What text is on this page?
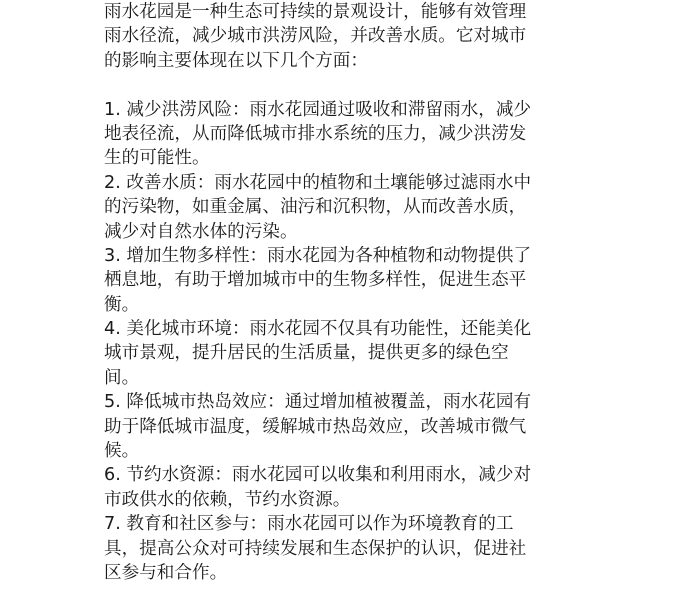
雨水花园是一种生态可持续的景观设计，能够有效管理
雨水径流，减少城市洪涝风险，并改善水质。它对城市
的影响主要体现在以下几个方面：
1. 减少洪涝风险：雨水花园通过吸收和滞留雨水，减少
地表径流，从而降低城市排水系统的压力，减少洪涝发
生的可能性。
2. 改善水质：雨水花园中的植物和土壤能够过滤雨水中
的污染物，如重金属、油污和沉积物，从而改善水质，
减少对自然水体的污染。
3. 增加生物多样性：雨水花园为各种植物和动物提供了
栖息地，有助于增加城市中的生物多样性，促进生态平
衡。
4. 美化城市环境：雨水花园不仅具有功能性，还能美化
城市景观，提升居民的生活质量，提供更多的绿色空
间。
5. 降低城市热岛效应：通过增加植被覆盖，雨水花园有
助于降低城市温度，缓解城市热岛效应，改善城市微气
候。
6. 节约水资源：雨水花园可以收集和利用雨水，减少对
市政供水的依赖，节约水资源。
7. 教育和社区参与：雨水花园可以作为环境教育的工
具，提高公众对可持续发展和生态保护的认识，促进社
区参与和合作。
